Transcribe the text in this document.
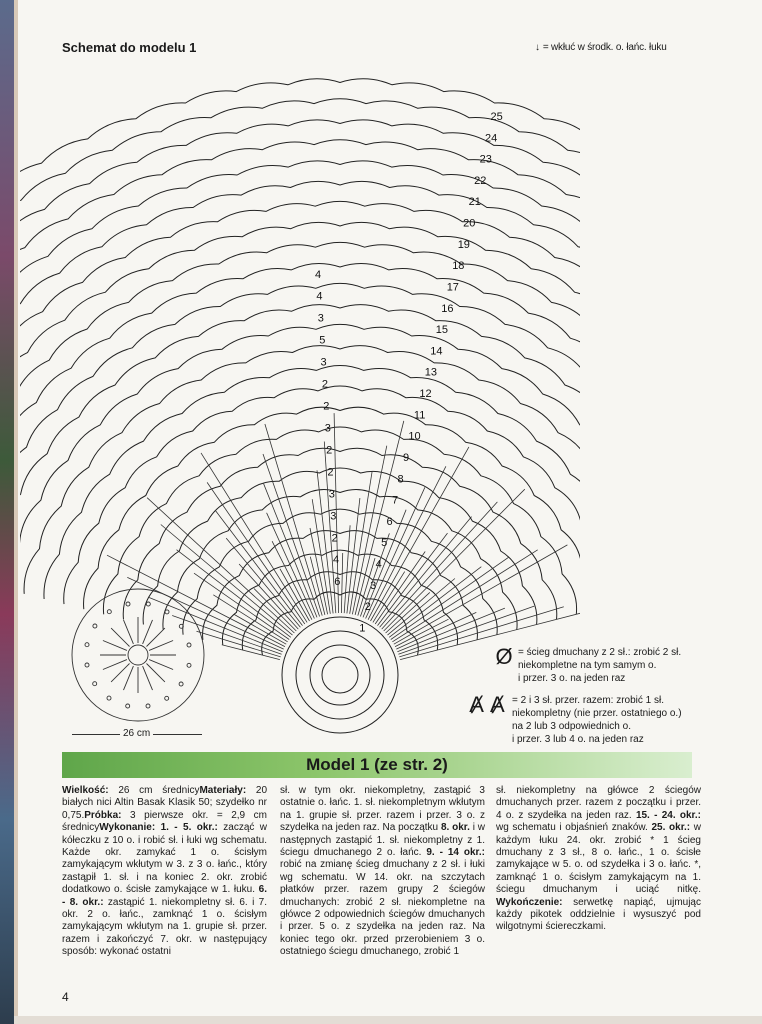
Schemat do modelu 1	↓ = wkłuć w środk. o. łańc. łuku
1
2
3
4
5
6
7
8
9
10
11
12
13
14
15
16
17
18
19
20
21
22
23
24
25
6
4
2
3
3
2
2
3
2
2
3
5
3
4
4
Ø = ścieg dmuchany z 2 sł.: zrobić 2 sł.
niekompletne na tym samym o.
i przer. 3 o. na jeden raz
Ⱥ Ⱥ = 2 i 3 sł. przer. razem: zrobić 1 sł.
niekompletny (nie przer. ostatniego o.)
na 2 lub 3 odpowiednich o.
i przer. 3 lub 4 o. na jeden raz
26 cm
Model 1 (ze str. 2)
Wielkość: 26 cm średnicyMateriały: 20 białych nici Altin Basak Klasik 50; szydełko nr 0,75.Próbka: 3 pierwsze okr. = 2,9 cm średnicyWykonanie: 1. - 5. okr.: zacząć w kółeczku z 10 o. i robić sł. i łuki wg schematu. Każde okr. zamykać 1 o. ścisłym zamykającym wkłutym w 3. z 3 o. łańc., który zastąpił 1. sł. i na koniec 2. okr. zrobić dodatkowo o. ścisłe zamykające w 1. łuku. 6. - 8. okr.: zastąpić 1. niekompletny sł. 6. i 7. okr. 2 o. łańc., zamknąć 1 o. ścisłym zamykającym wkłutym na 1. grupie sł. przer. razem i zakończyć 7. okr. w następujący sposób: wykonać ostatni
sł. w tym okr. niekompletny, zastąpić 3 ostatnie o. łańc. 1. sł. niekompletnym wkłutym na 1. grupie sł. przer. razem i przer. 3 o. z szydełka na jeden raz. Na początku 8. okr. i w następnych zastąpić 1. sł. niekompletny z 1. ściegu dmuchanego 2 o. łańc. 9. - 14 okr.: robić na zmianę ścieg dmuchany z 2 sł. i łuki wg schematu. W 14. okr. na szczytach płatków przer. razem grupy 2 ściegów dmuchanych: zrobić 2 sł. niekompletne na główce 2 odpowiednich ściegów dmuchanych i przer. 5 o. z szydełka na jeden raz. Na koniec tego okr. przed przerobieniem 3 o. ostatniego ściegu dmuchanego, zrobić 1
sł. niekompletny na główce 2 ściegów dmuchanych przer. razem z początku i przer. 4 o. z szydełka na jeden raz. 15. - 24. okr.: wg schematu i objaśnień znaków. 25. okr.: w każdym łuku 24. okr. zrobić * 1 ścieg dmuchany z 3 sł., 8 o. łańc., 1 o. ścisłe zamykające w 5. o. od szydełka i 3 o. łańc. *, zamknąć 1 o. ścisłym zamykającym na 1. ściegu dmuchanym i uciąć nitkę. Wykończenie: serwetkę napiąć, ujmując każdy pikotek oddzielnie i wysuszyć pod wilgotnymi ściereczkami.
4
